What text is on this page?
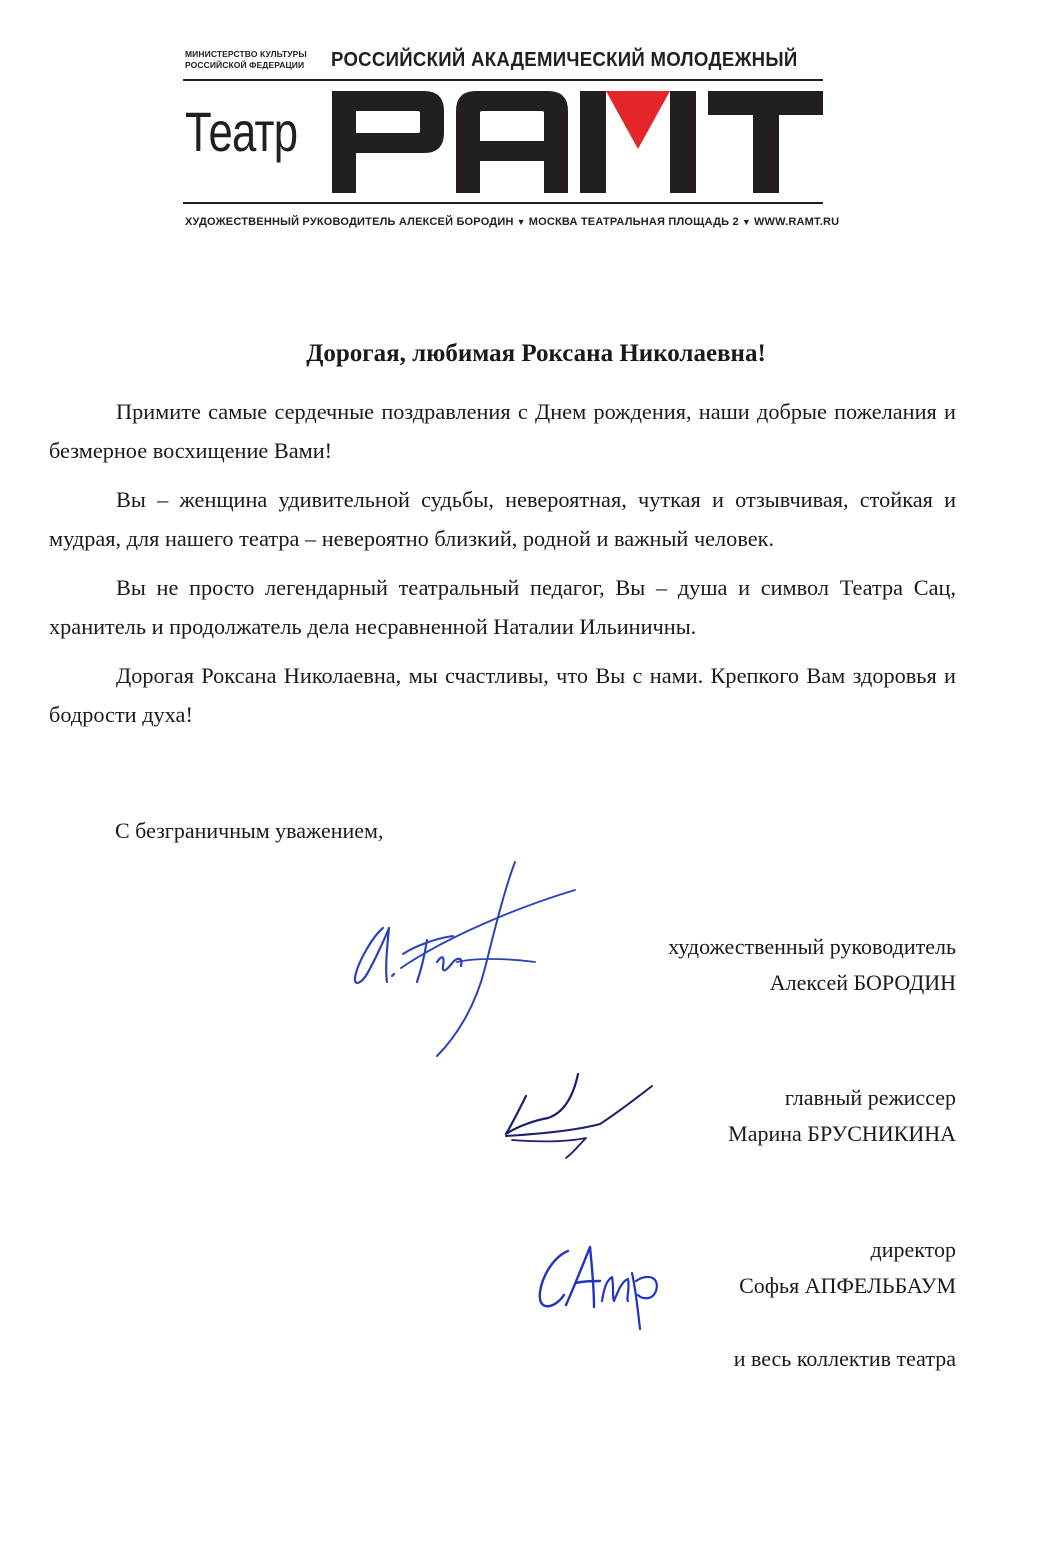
МИНИСТЕРСТВО КУЛЬТУРЫ
РОССИЙСКОЙ ФЕДЕРАЦИИ	РОССИЙСКИЙ АКАДЕМИЧЕСКИЙ МОЛОДЕЖНЫЙ
Театр
ХУДОЖЕСТВЕННЫЙ РУКОВОДИТЕЛЬ АЛЕКСЕЙ БОРОДИН ▼ МОСКВА ТЕАТРАЛЬНАЯ ПЛОЩАДЬ 2 ▼ WWW.RAMT.RU
Дорогая, любимая Роксана Николаевна!

Примите самые сердечные поздравления с Днем рождения, наши добрые пожелания и безмерное восхищение Вами!

Вы – женщина удивительной судьбы, невероятная, чуткая и отзывчивая, стойкая и мудрая, для нашего театра – невероятно близкий, родной и важный человек.

Вы не просто легендарный театральный педагог, Вы – душа и символ Театра Сац, хранитель и продолжатель дела несравненной Наталии Ильиничны.

Дорогая Роксана Николаевна, мы счастливы, что Вы с нами. Крепкого Вам здоровья и бодрости духа!

С безграничным уважением,

художественный руководитель
Алексей БОРОДИН
главный режиссер
Марина БРУСНИКИНА
директор
Софья АПФЕЛЬБАУМ
и весь коллектив театра
